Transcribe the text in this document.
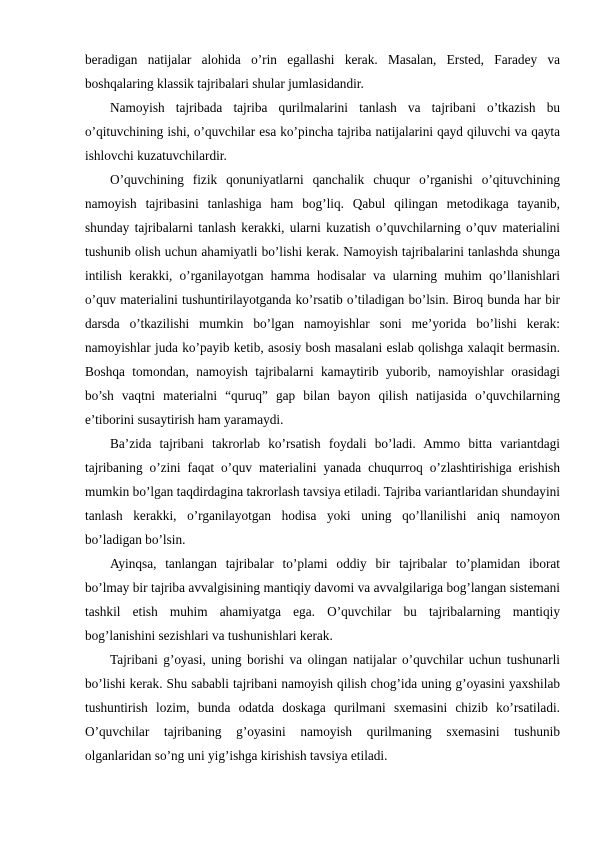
beradigan natijalar alohida o’rin egallashi kerak. Masalan, Ersted, Faradey va boshqalaring klassik tajribalari shular jumlasidandir.

Namoyish tajribada tajriba qurilmalarini tanlash va tajribani o’tkazish bu o’qituvchining ishi, o’quvchilar esa ko’pincha tajriba natijalarini qayd qiluvchi va qayta ishlovchi kuzatuvchilardir.

O’quvchining fizik qonuniyatlarni qanchalik chuqur o’rganishi o’qituvchining namoyish tajribasini tanlashiga ham bog’liq. Qabul qilingan metodikaga tayanib, shunday tajribalarni tanlash kerakki, ularni kuzatish o’quvchilarning o’quv materialini tushunib olish uchun ahamiyatli bo’lishi kerak. Namoyish tajribalarini tanlashda shunga intilish kerakki, o’rganilayotgan hamma hodisalar va ularning muhim qo’llanishlari o’quv materialini tushuntirilayotganda ko’rsatib o’tiladigan bo’lsin. Biroq bunda har bir darsda o’tkazilishi mumkin bo’lgan namoyishlar soni me’yorida bo’lishi kerak: namoyishlar juda ko’payib ketib, asosiy bosh masalani eslab qolishga xalaqit bermasin. Boshqa tomondan, namoyish tajribalarni kamaytirib yuborib, namoyishlar orasidagi bo’sh vaqtni materialni “quruq” gap bilan bayon qilish natijasida o’quvchilarning e’tiborini susaytirish ham yaramaydi.

Ba’zida tajribani takrorlab ko’rsatish foydali bo’ladi. Ammo bitta variantdagi tajribaning o’zini faqat o’quv materialini yanada chuqurroq o’zlashtirishiga erishish mumkin bo’lgan taqdirdagina takrorlash tavsiya etiladi. Tajriba variantlaridan shundayini tanlash kerakki, o’rganilayotgan hodisa yoki uning qo’llanilishi aniq namoyon bo’ladigan bo’lsin.

Ayinqsa, tanlangan tajribalar to’plami oddiy bir tajribalar to’plamidan iborat bo’lmay bir tajriba avvalgisining mantiqiy davomi va avvalgilariga bog’langan sistemani tashkil etish muhim ahamiyatga ega. O’quvchilar bu tajribalarning mantiqiy bog’lanishini sezishlari va tushunishlari kerak.

Tajribani g’oyasi, uning borishi va olingan natijalar o’quvchilar uchun tushunarli bo’lishi kerak. Shu sababli tajribani namoyish qilish chog’ida uning g’oyasini yaxshilab tushuntirish lozim, bunda odatda doskaga qurilmani sxemasini chizib ko’rsatiladi. O’quvchilar tajribaning g’oyasini namoyish qurilmaning sxemasini tushunib olganlaridan so’ng uni yig’ishga kirishish tavsiya etiladi.
